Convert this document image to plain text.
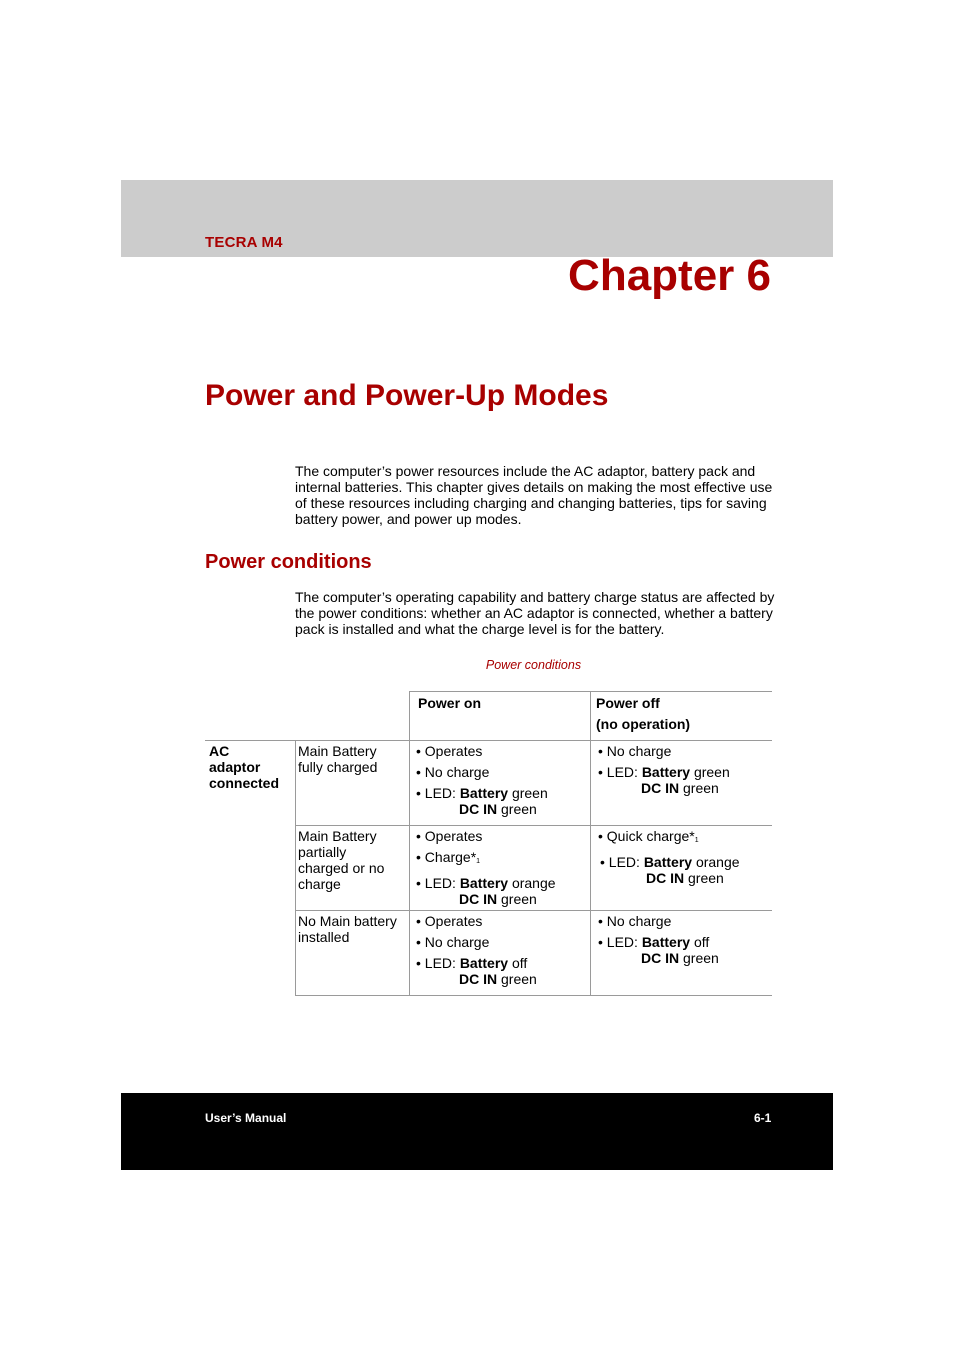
TECRA M4
Chapter 6
Power and Power-Up Modes
The computer’s power resources include the AC adaptor, battery pack and internal batteries. This chapter gives details on making the most effective use of these resources including charging and changing batteries, tips for saving battery power, and power up modes.
Power conditions
The computer’s operating capability and battery charge status are affected by the power conditions: whether an AC adaptor is connected, whether a battery pack is installed and what the charge level is for the battery.
Power conditions
Power on	Power off
(no operation)
AC
adaptor
connected
Main Battery
fully charged
• Operates
• No charge
• LED: Battery green
DC IN green
• No charge
• LED: Battery green
DC IN green
Main Battery
partially
charged or no
charge
• Operates
• Charge*1
• LED: Battery orange
DC IN green
• Quick charge*1
• LED: Battery orange
DC IN green
No Main battery
installed
• Operates
• No charge
• LED: Battery off
DC IN green
• No charge
• LED: Battery off
DC IN green
User’s Manual	6-1
